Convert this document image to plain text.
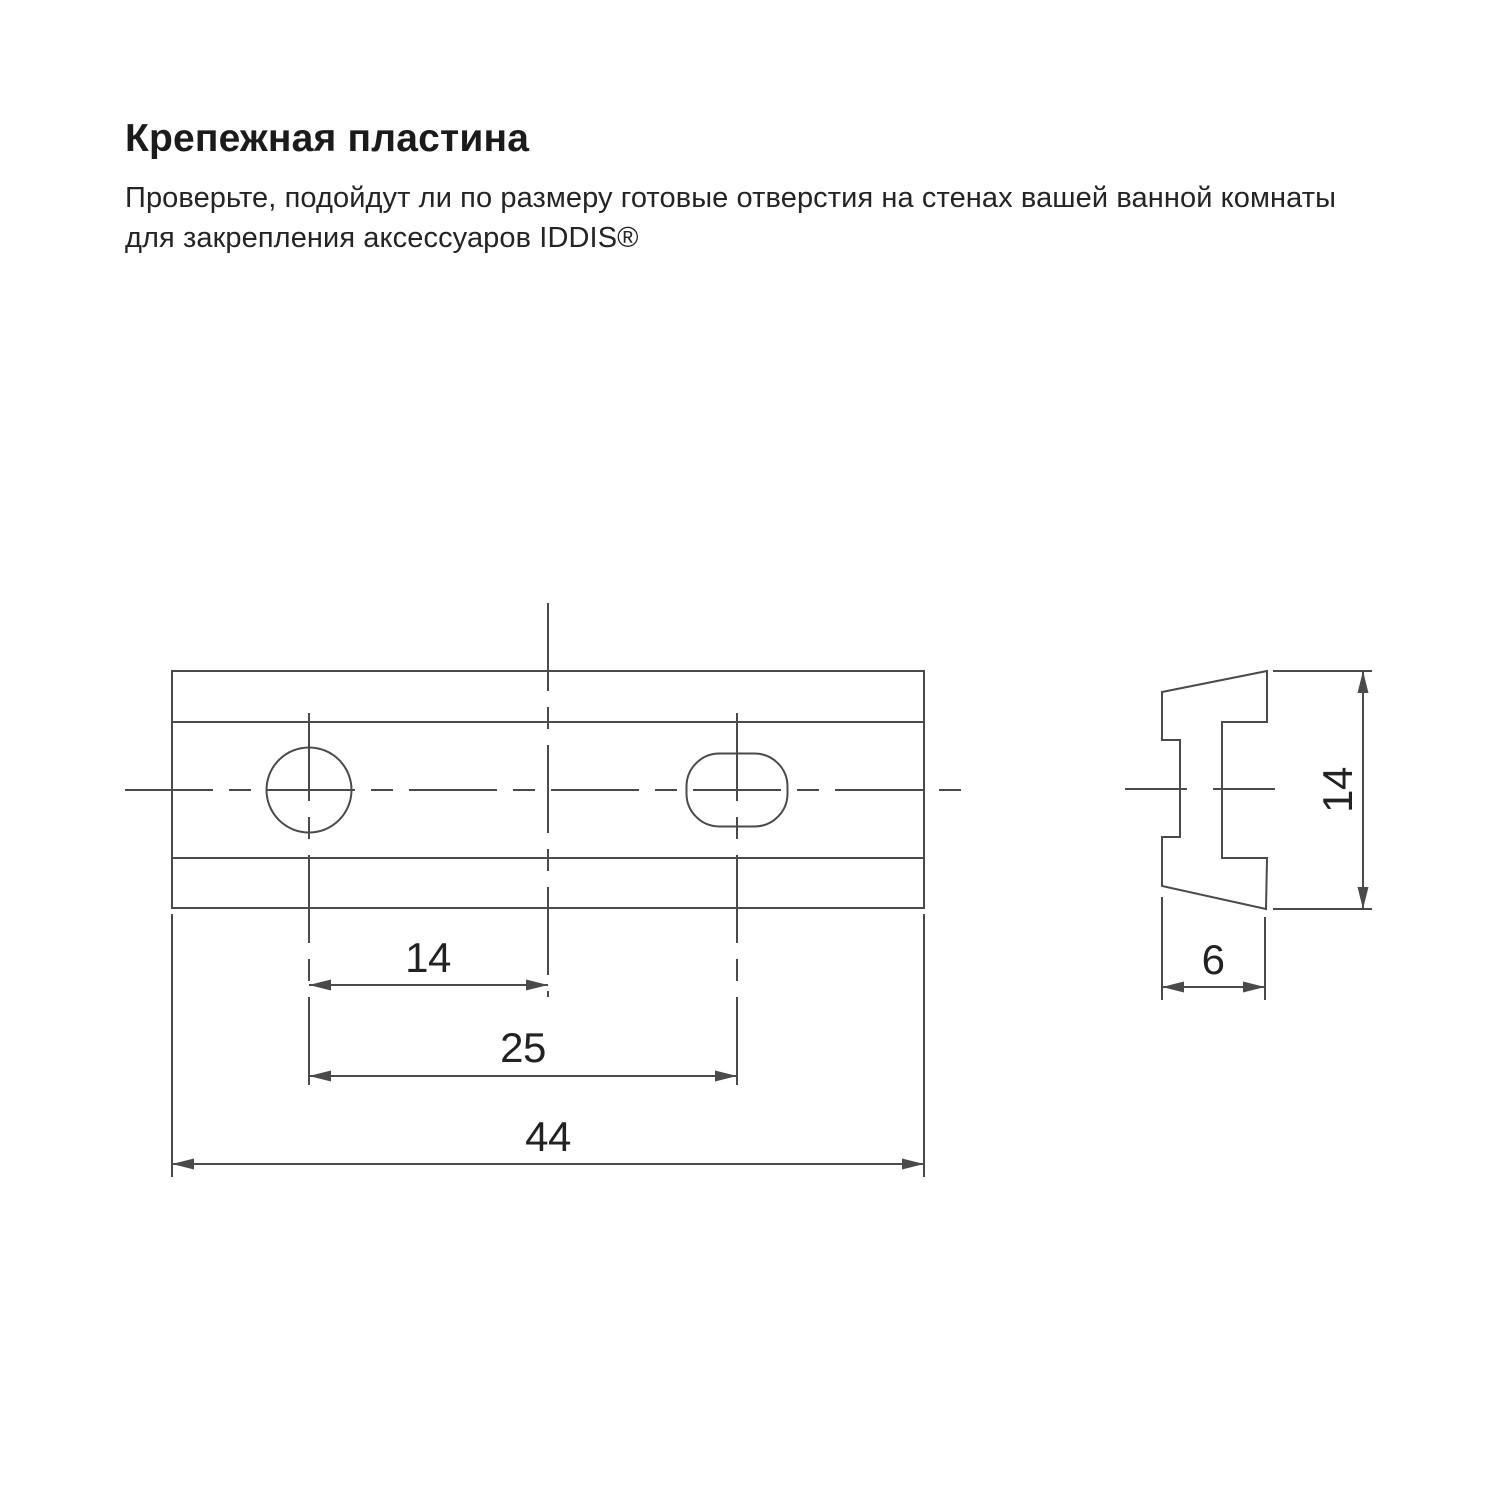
Крепежная пластина

Проверьте, подойдут ли по размеру готовые отверстия на стенах вашей ванной комнаты
для закрепления аксессуаров IDDIS®

14
25
44
14
6
